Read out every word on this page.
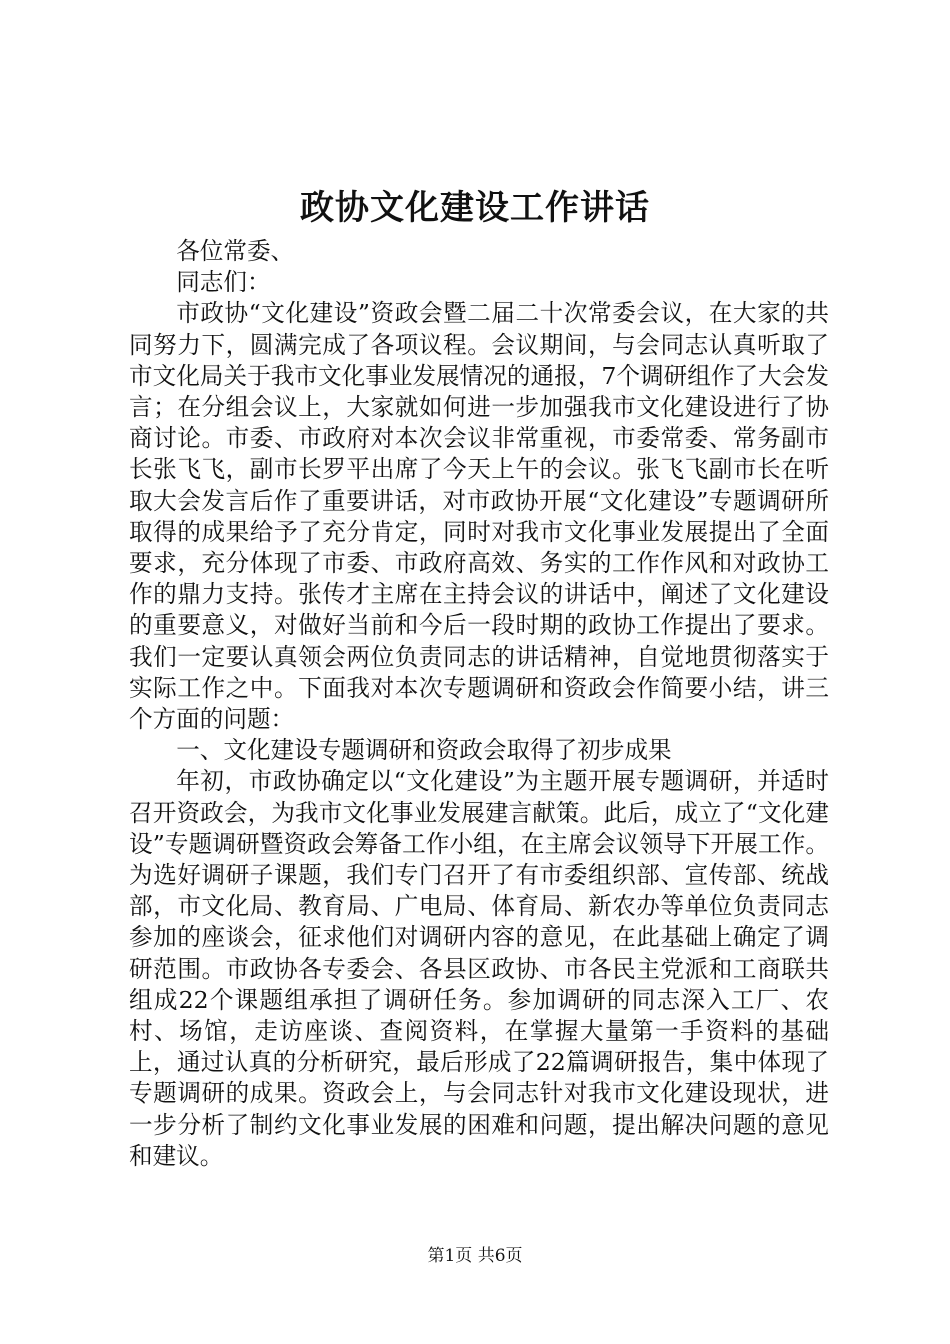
政协文化建设工作讲话

各位常委、

同志们：

市政协“文化建设”资政会暨二届二十次常委会议，在大家的共同努力下，圆满完成了各项议程。会议期间，与会同志认真听取了市文化局关于我市文化事业发展情况的通报，7个调研组作了大会发言；在分组会议上，大家就如何进一步加强我市文化建设进行了协商讨论。市委、市政府对本次会议非常重视，市委常委、常务副市长张飞飞，副市长罗平出席了今天上午的会议。张飞飞副市长在听取大会发言后作了重要讲话，对市政协开展“文化建设”专题调研所取得的成果给予了充分肯定，同时对我市文化事业发展提出了全面要求，充分体现了市委、市政府高效、务实的工作作风和对政协工作的鼎力支持。张传才主席在主持会议的讲话中，阐述了文化建设的重要意义，对做好当前和今后一段时期的政协工作提出了要求。我们一定要认真领会两位负责同志的讲话精神，自觉地贯彻落实于实际工作之中。下面我对本次专题调研和资政会作简要小结，讲三个方面的问题：

一、文化建设专题调研和资政会取得了初步成果

年初，市政协确定以“文化建设”为主题开展专题调研，并适时召开资政会，为我市文化事业发展建言献策。此后，成立了“文化建设”专题调研暨资政会筹备工作小组，在主席会议领导下开展工作。为选好调研子课题，我们专门召开了有市委组织部、宣传部、统战部，市文化局、教育局、广电局、体育局、新农办等单位负责同志参加的座谈会，征求他们对调研内容的意见，在此基础上确定了调研范围。市政协各专委会、各县区政协、市各民主党派和工商联共组成22个课题组承担了调研任务。参加调研的同志深入工厂、农村、场馆，走访座谈、查阅资料，在掌握大量第一手资料的基础上，通过认真的分析研究，最后形成了22篇调研报告，集中体现了专题调研的成果。资政会上，与会同志针对我市文化建设现状，进一步分析了制约文化事业发展的困难和问题，提出解决问题的意见和建议。

第1页 共6页
